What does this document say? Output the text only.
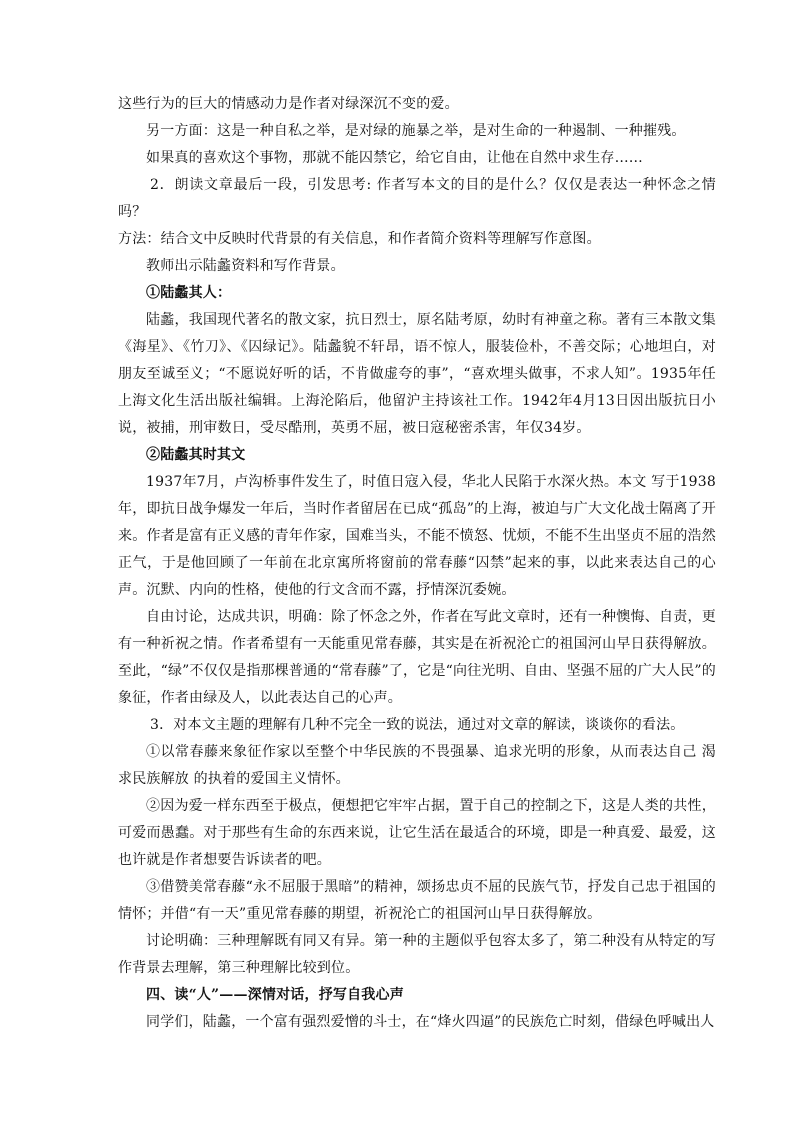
这些行为的巨大的情感动力是作者对绿深沉不变的爱。

另一方面：这是一种自私之举，是对绿的施暴之举，是对生命的一种遏制、一种摧残。

如果真的喜欢这个事物，那就不能囚禁它，给它自由，让他在自然中求生存……

2．朗读文章最后一段，引发思考: 作者写本文的目的是什么？仅仅是表达一种怀念之情吗？

方法：结合文中反映时代背景的有关信息，和作者简介资料等理解写作意图。

教师出示陆蠡资料和写作背景。

①陆蠡其人：

陆蠡，我国现代著名的散文家，抗日烈士，原名陆考原，幼时有神童之称。著有三本散文集《海星》、《竹刀》、《囚绿记》。陆蠡貌不轩昂，语不惊人，服装俭朴，不善交际；心地坦白，对朋友至诚至义；“不愿说好听的话，不肯做虚夸的事”，“喜欢埋头做事，不求人知”。1935年任上海文化生活出版社编辑。上海沦陷后，他留沪主持该社工作。1942年4月13日因出版抗日小说，被捕，刑审数日，受尽酷刑，英勇不屈，被日寇秘密杀害，年仅34岁。

②陆蠡其时其文

1937年7月，卢沟桥事件发生了，时值日寇入侵，华北人民陷于水深火热。本文 写于1938年，即抗日战争爆发一年后，当时作者留居在已成“孤岛”的上海，被迫与广大文化战士隔离了开来。作者是富有正义感的青年作家，国难当头，不能不愤怒、忧烦，不能不生出坚贞不屈的浩然正气，于是他回顾了一年前在北京寓所将窗前的常春藤“囚禁”起来的事，以此来表达自己的心声。沉默、内向的性格，使他的行文含而不露，抒情深沉委婉。

自由讨论，达成共识，明确：除了怀念之外，作者在写此文章时，还有一种懊悔、自责，更有一种祈祝之情。作者希望有一天能重见常春藤，其实是在祈祝沦亡的祖国河山早日获得解放。至此，“绿”不仅仅是指那棵普通的“常春藤”了，它是“向往光明、自由、坚强不屈的广大人民”的象征，作者由绿及人，以此表达自己的心声。

3．对本文主题的理解有几种不完全一致的说法，通过对文章的解读，谈谈你的看法。

①以常春藤来象征作家以至整个中华民族的不畏强暴、追求光明的形象，从而表达自己 渴求民族解放 的执着的爱国主义情怀。

②因为爱一样东西至于极点，便想把它牢牢占据，置于自己的控制之下，这是人类的共性，可爱而愚蠢。对于那些有生命的东西来说，让它生活在最适合的环境，即是一种真爱、最爱，这也许就是作者想要告诉读者的吧。

③借赞美常春藤“永不屈服于黑暗”的精神，颂扬忠贞不屈的民族气节，抒发自己忠于祖国的情怀；并借“有一天”重见常春藤的期望，祈祝沦亡的祖国河山早日获得解放。

讨论明确：三种理解既有同又有异。第一种的主题似乎包容太多了，第二种没有从特定的写作背景去理解，第三种理解比较到位。

四、读“人”——深情对话，抒写自我心声

同学们，陆蠡，一个富有强烈爱憎的斗士，在“烽火四逼”的民族危亡时刻，借绿色呼喊出人
